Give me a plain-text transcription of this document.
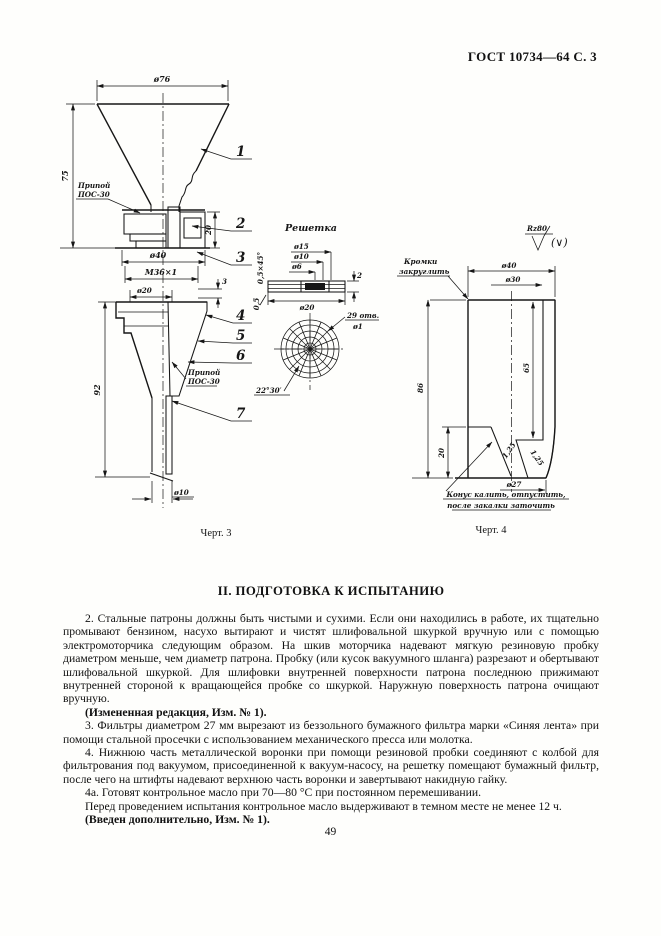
ГОСТ 10734—64 С. 3
ø76
75
20
Припой
ПОС-30
ø40
М36×1
ø20
3
Припой
ПОС-30
92
ø10
1
2
3
4
5
6
7
Черт. 3
Решетка
ø15
ø10
ø6
0,5×45°	2
ø20
0,5
29 отв.
ø1
22°30′
Rz80
(∨)
Кромки
закруглить
ø40
ø30
86
20
65
ø27
1,25 1,25
Конус калить, отпустить,
после закалки заточить
Черт. 4
II. ПОДГОТОВКА К ИСПЫТАНИЮ

2. Стальные патроны должны быть чистыми и сухими. Если они находились в работе, их тщательно промывают бензином, насухо вытирают и чистят шлифовальной шкуркой вручную или с помощью электромоторчика следующим образом. На шкив моторчика надевают мягкую резиновую пробку диаметром меньше, чем диаметр патрона. Пробку (или кусок вакуумного шланга) разрезают и обертывают шлифовальной шкуркой. Для шлифовки внутренней поверхности патрона последнюю прижимают внутренней стороной к вращающейся пробке со шкуркой. Наружную поверхность патрона очищают вручную.

(Измененная редакция, Изм. № 1).

3. Фильтры диаметром 27 мм вырезают из беззольного бумажного фильтра марки «Синяя лента» при помощи стальной просечки с использованием механического пресса или молотка.

4. Нижнюю часть металлической воронки при помощи резиновой пробки соединяют с колбой для фильтрования под вакуумом, присоединенной к вакуум-насосу, на решетку помещают бумажный фильтр, после чего на штифты надевают верхнюю часть воронки и завертывают накидную гайку.

4а. Готовят контрольное масло при 70—80 °С при постоянном перемешивании.

Перед проведением испытания контрольное масло выдерживают в темном месте не менее 12 ч.

(Введен дополнительно, Изм. № 1).

49
